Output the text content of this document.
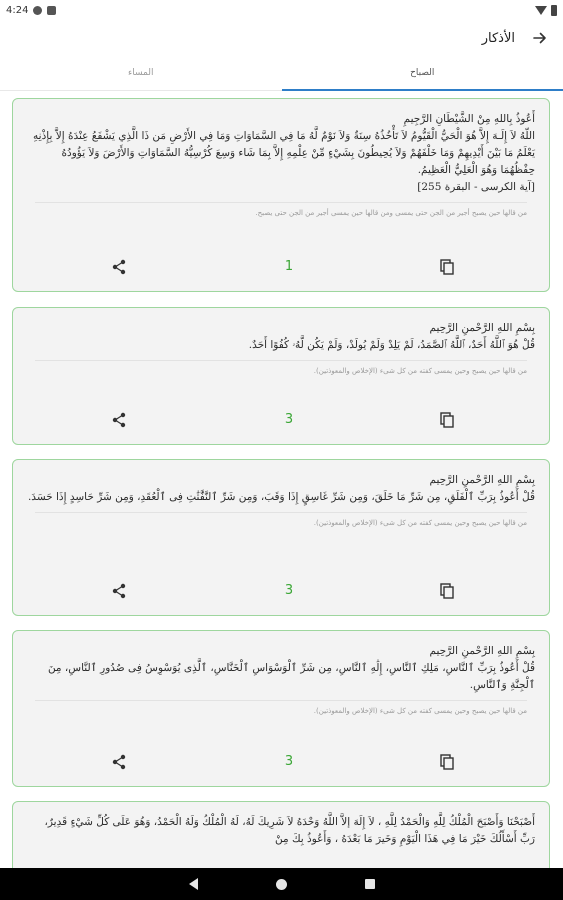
4:24
الأذكار
المساء	الصباح
أَعُوذُ بِاللهِ مِنْ الشَّيْطَانِ الرَّجِيمِ
اللّهُ لاَ إِلَـهَ إِلاَّ هُوَ الْحَيُّ الْقَيُّومُ لاَ تَأْخُذُهُ سِنَةٌ وَلاَ نَوْمٌ لَّهُ مَا فِي السَّمَاوَاتِ وَمَا فِي الأَرْضِ مَن ذَا الَّذِي يَشْفَعُ عِنْدَهُ إِلاَّ بِإِذْنِهِ يَعْلَمُ مَا بَيْنَ أَيْدِيهِمْ وَمَا خَلْفَهُمْ وَلاَ يُحِيطُونَ بِشَيْءٍ مِّنْ عِلْمِهِ إِلاَّ بِمَا شَاء وَسِعَ كُرْسِيُّهُ السَّمَاوَاتِ وَالأَرْضَ وَلاَ يَؤُودُهُ حِفْظُهُمَا وَهُوَ الْعَلِيُّ الْعَظِيمُ.
[آية الكرسى - البقرة 255]
من قالها حين يصبح أجير من الجن حتى يمسى ومن قالها حين يمسى أجير من الجن حتى يصبح.
1
بِسْمِ اللهِ الرَّحْمنِ الرَّحِيم
قُلْ هُوَ ٱللَّهُ أَحَدٌ، ٱللَّهُ ٱلصَّمَدُ، لَمْ يَلِدْ وَلَمْ يُولَدْ، وَلَمْ يَكُن لَّهُۥ كُفُوًا أَحَدٌ.
من قالها حين يصبح وحين يمسى كفته من كل شىء (الإخلاص والمعوذتين).
3
بِسْمِ اللهِ الرَّحْمنِ الرَّحِيم
قُلْ أَعُوذُ بِرَبِّ ٱلْفَلَقِ، مِن شَرِّ مَا خَلَقَ، وَمِن شَرِّ غَاسِقٍ إِذَا وَقَبَ، وَمِن شَرِّ ٱلنَّفَّٰثَٰتِ فِى ٱلْعُقَدِ، وَمِن شَرِّ حَاسِدٍ إِذَا حَسَدَ.
من قالها حين يصبح وحين يمسى كفته من كل شىء (الإخلاص والمعوذتين).
3
بِسْمِ اللهِ الرَّحْمنِ الرَّحِيم
قُلْ أَعُوذُ بِرَبِّ ٱلنَّاسِ، مَلِكِ ٱلنَّاسِ، إِلَٰهِ ٱلنَّاسِ، مِن شَرِّ ٱلْوَسْوَاسِ ٱلْخَنَّاسِ، ٱلَّذِى يُوَسْوِسُ فِى صُدُورِ ٱلنَّاسِ، مِنَ ٱلْجِنَّةِ وَٱلنَّاسِ.
من قالها حين يصبح وحين يمسى كفته من كل شىء (الإخلاص والمعوذتين).
3
أَصْبَحْنَا وَأَصْبَحَ الْمُلْكُ لِلَّهِ وَالْحَمْدُ لِلَّهِ ، لاَ إِلَهَ إلاَّ اللَّهُ وَحْدَهُ لاَ شَرِيكَ لَهُ، لَهُ الْمُلْكُ وَلَهُ الْحَمْدُ، وَهُوَ عَلَى كُلِّ شَيْءٍ قَدِيرٌ، رَبِّ أَسْأَلُكَ خَيْرَ مَا فِي هَذَا الْيَوْمِ وَخَيرَ مَا بَعْدَهُ ، وَأَعُوذُ بِكَ مِنْ
